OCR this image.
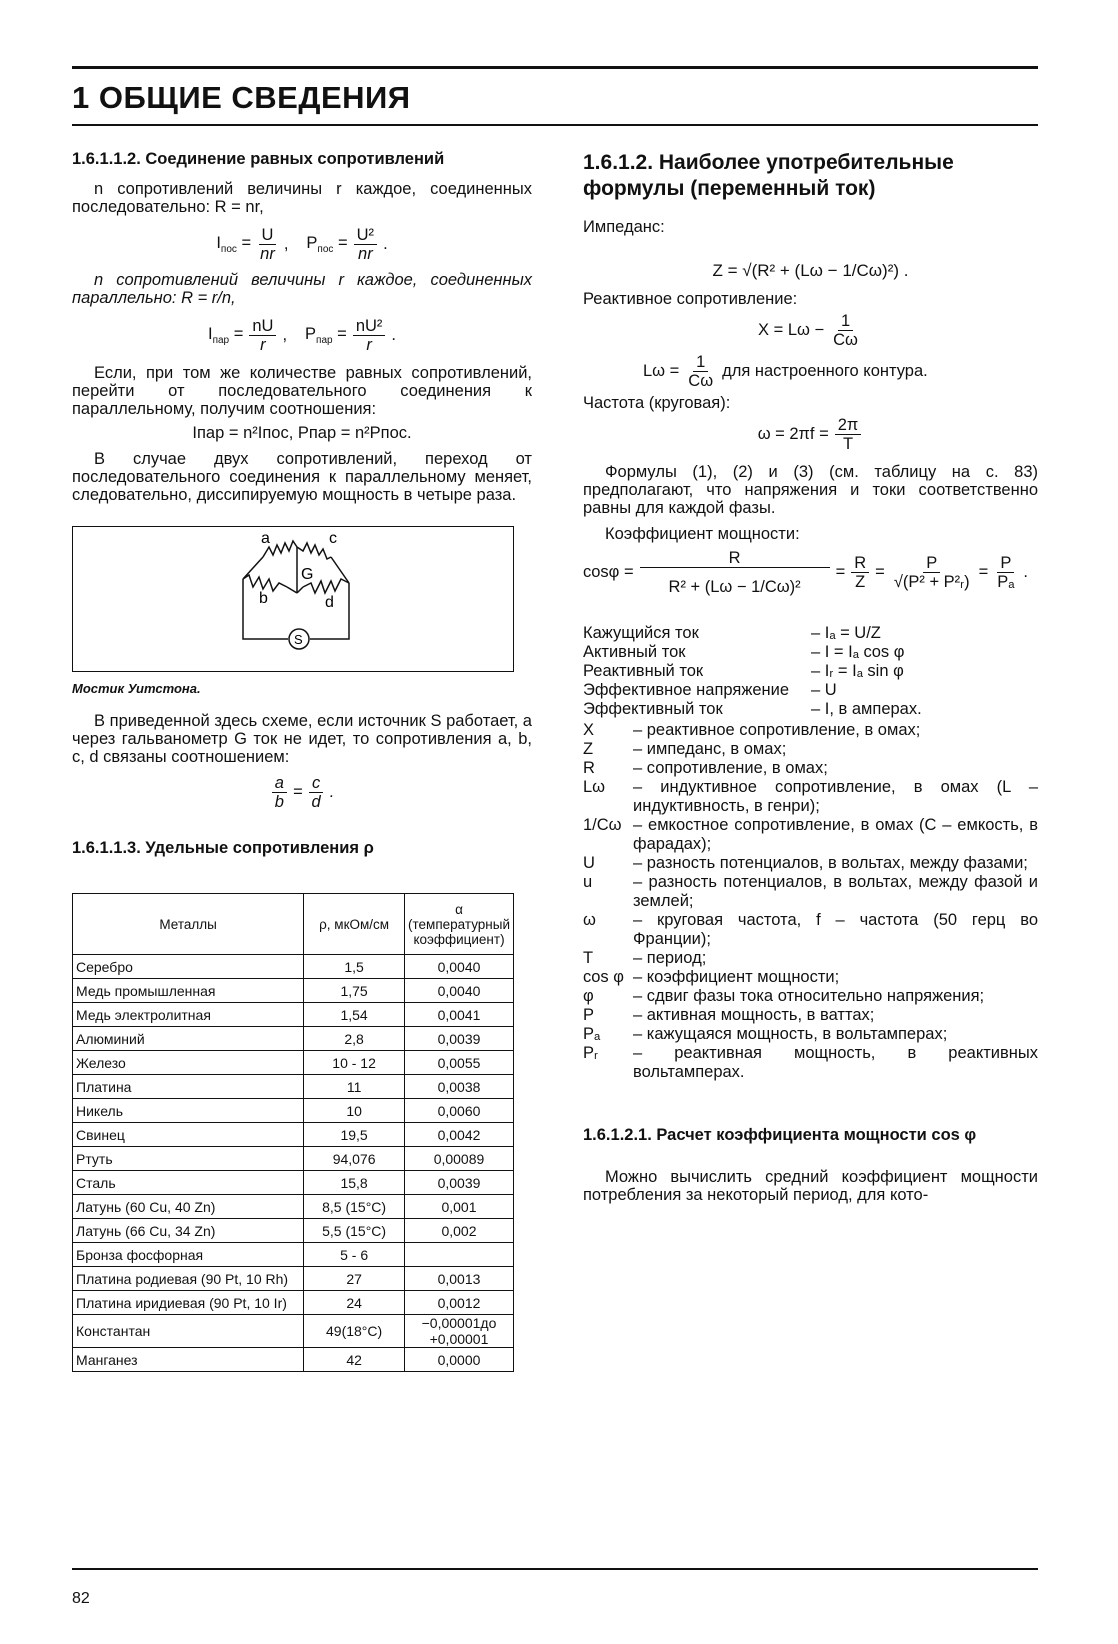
1 ОБЩИЕ СВЕДЕНИЯ

1.6.1.1.2. Соединение равных сопротивлений

n сопротивлений величины r каждое, соединенных последовательно: R = nr,

$I_{пос} = \frac{U}{nr}$ , $P_{пос} = \frac{\text{U²}}{nr}$ .

n сопротивлений величины r каждое, соединенных параллельно: R = r/n,

$I_{пар} = \frac{nU}{r}$ , $P_{пар} = \frac{\text{nU²}}{r}$ .

Если, при том же количестве равных сопротивлений, перейти от последовательного соединения к параллельному, получим соотношения:

Iпар = n²Iпос, Pпар = n²Pпос.

В случае двух сопротивлений, переход от последовательного соединения к параллельному меняет, следовательно, диссипируемую мощность в четыре раза.

a	c
b	d
G
S

Мостик Уитстона.

В приведенной здесь схеме, если источник S работает, а через гальванометр G ток не идет, то сопротивления a, b, c, d связаны соотношением:

$\frac{a}{b} = \frac{c}{d}$ .

1.6.1.1.3. Удельные сопротивления ρ

Металлы	ρ, мкОм/см	α (температурный коэффициент)
Серебро	1,5	0,0040
Медь промышленная	1,75	0,0040
Медь электролитная	1,54	0,0041
Алюминий	2,8	0,0039
Железо	10 - 12	0,0055
Платина	11	0,0038
Никель	10	0,0060
Свинец	19,5	0,0042
Ртуть	94,076	0,00089
Сталь	15,8	0,0039
Латунь (60 Cu, 40 Zn)	8,5 (15°С)	0,001
Латунь (66 Cu, 34 Zn)	5,5 (15°С)	0,002
Бронза фосфорная	5 - 6	
Платина родиевая (90 Pt, 10 Rh)	27	0,0013
Платина иридиевая (90 Pt, 10 Ir)	24	0,0012
Константан	49(18°С)	−0,00001до +0,00001
Манганез	42	0,0000

1.6.1.2. Наиболее употребительные формулы (переменный ток)

Импеданс:

Z = √(R² + (Lω − 1/Cω)²) .

Реактивное сопротивление:

$X = L\omega - \frac{1}{C\omega}$
$L\omega = \frac{1}{C\omega}$ для настроенного контура.

Частота (круговая):

$\omega = 2\pi f = \frac{2\pi}{T}$

Формулы (1), (2) и (3) (см. таблицу на с. 83) предполагают, что напряжения и токи соответственно равны для каждой фазы.

Коэффициент мощности:

$\cos\varphi = \frac{R}{\text{R² + (Lω − 1/Cω)²}} = \frac{R}{Z} = \frac{P}{\text{√(P² + P²ᵣ)}} = \frac{P}{\text{Pₐ}}$ .
Кажущийся ток	– Iₐ = U/Z
Активный ток	– I = Iₐ cos φ
Реактивный ток	– Iᵣ = Iₐ sin φ
Эффективное напряжение	– U
Эффективный ток	– I, в амперах.
X	– реактивное сопротивление, в омах;
Z	– импеданс, в омах;
R	– сопротивление, в омах;
Lω	– индуктивное сопротивление, в омах (L – индуктивность, в генри);
1/Cω – емкостное сопротивление, в омах (C – емкость, в фарадах);
U	– разность потенциалов, в вольтах, между фазами;
u	– разность потенциалов, в вольтах, между фазой и землей;
ω	– круговая частота, f – частота (50 герц во Франции);
T	– период;
cos φ – коэффициент мощности;
φ	– сдвиг фазы тока относительно напряжения;
P	– активная мощность, в ваттах;
Pₐ	– кажущаяся мощность, в вольтамперах;
Pᵣ	– реактивная мощность, в реактивных вольтамперах.

1.6.1.2.1. Расчет коэффициента мощности cos φ

Можно вычислить средний коэффициент мощности потребления за некоторый период, для кото-

82
